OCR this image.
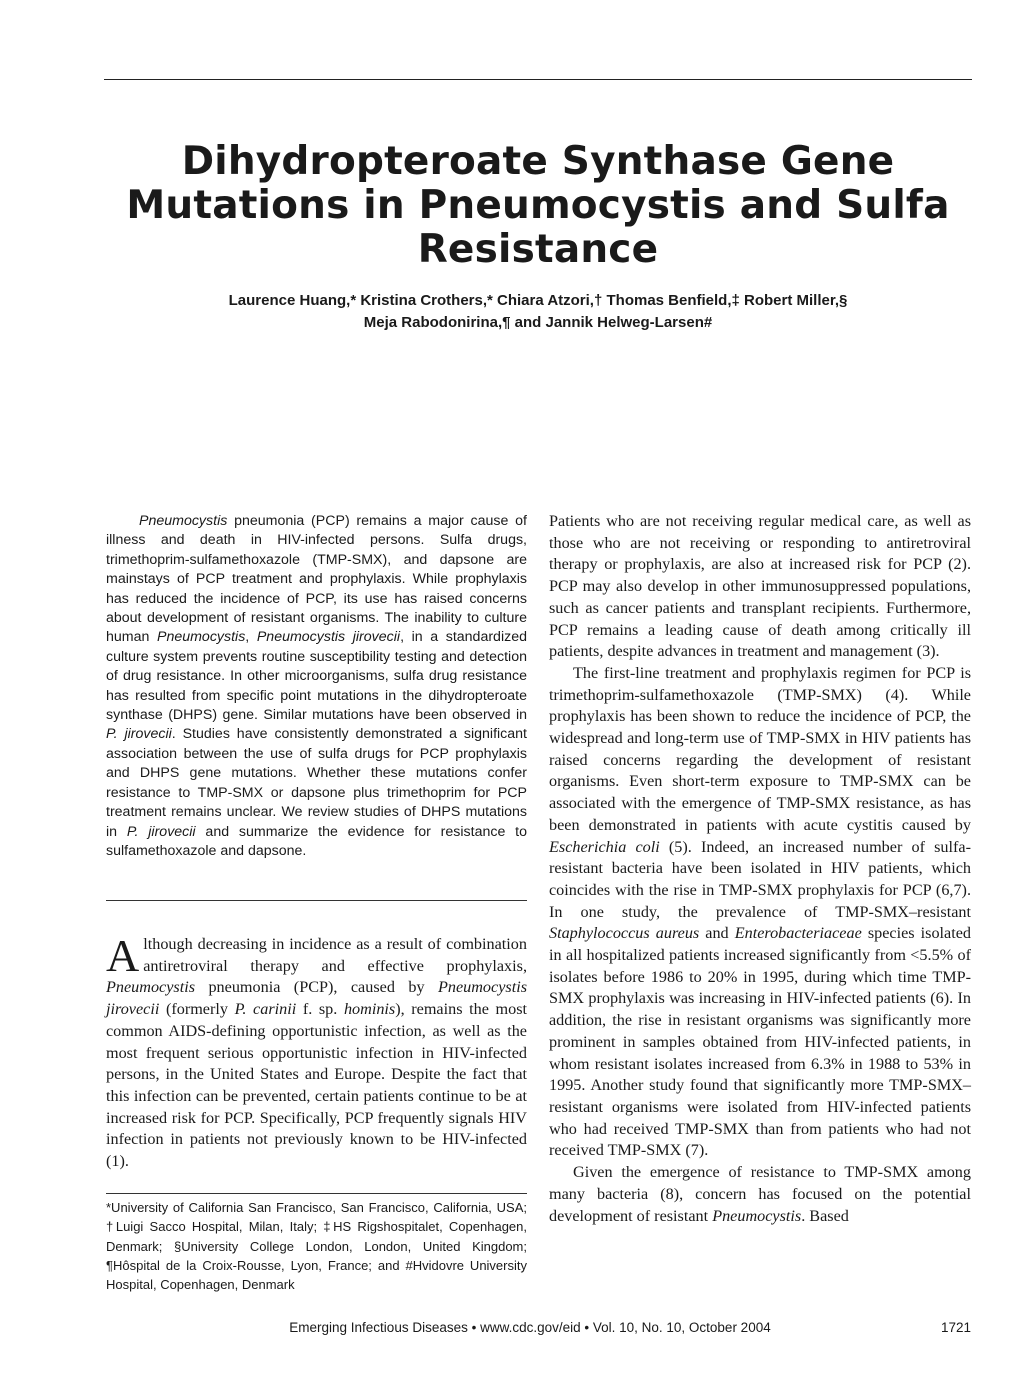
Dihydropteroate Synthase Gene Mutations in Pneumocystis and Sulfa Resistance
Laurence Huang,* Kristina Crothers,* Chiara Atzori,† Thomas Benfield,‡ Robert Miller,§
Meja Rabodonirina,¶ and Jannik Helweg-Larsen#

Pneumocystis pneumonia (PCP) remains a major cause of illness and death in HIV-infected persons. Sulfa drugs, trimethoprim-sulfamethoxazole (TMP-SMX), and dapsone are mainstays of PCP treatment and prophylaxis. While prophylaxis has reduced the incidence of PCP, its use has raised concerns about development of resistant organisms. The inability to culture human Pneumocystis, Pneumocystis jirovecii, in a standardized culture system prevents routine susceptibility testing and detection of drug resistance. In other microorganisms, sulfa drug resistance has resulted from specific point mutations in the dihydropteroate synthase (DHPS) gene. Similar mutations have been observed in P. jirovecii. Studies have consistently demonstrated a significant association between the use of sulfa drugs for PCP prophylaxis and DHPS gene mutations. Whether these mutations confer resistance to TMP-SMX or dapsone plus trimethoprim for PCP treatment remains unclear. We review studies of DHPS mutations in P. jirovecii and summarize the evidence for resistance to sulfamethoxazole and dapsone.

Although decreasing in incidence as a result of combination antiretroviral therapy and effective prophylaxis, Pneumocystis pneumonia (PCP), caused by Pneumocystis jirovecii (formerly P. carinii f. sp. hominis), remains the most common AIDS-defining opportunistic infection, as well as the most frequent serious opportunistic infection in HIV-infected persons, in the United States and Europe. Despite the fact that this infection can be prevented, certain patients continue to be at increased risk for PCP. Specifically, PCP frequently signals HIV infection in patients not previously known to be HIV-infected (1).

*University of California San Francisco, San Francisco, California, USA; †Luigi Sacco Hospital, Milan, Italy; ‡HS Rigshospitalet, Copenhagen, Denmark; §University College London, London, United Kingdom; ¶Hôspital de la Croix-Rousse, Lyon, France; and #Hvidovre University Hospital, Copenhagen, Denmark

Patients who are not receiving regular medical care, as well as those who are not receiving or responding to antiretroviral therapy or prophylaxis, are also at increased risk for PCP (2). PCP may also develop in other immunosuppressed populations, such as cancer patients and transplant recipients. Furthermore, PCP remains a leading cause of death among critically ill patients, despite advances in treatment and management (3).

The first-line treatment and prophylaxis regimen for PCP is trimethoprim-sulfamethoxazole (TMP-SMX) (4). While prophylaxis has been shown to reduce the incidence of PCP, the widespread and long-term use of TMP-SMX in HIV patients has raised concerns regarding the development of resistant organisms. Even short-term exposure to TMP-SMX can be associated with the emergence of TMP-SMX resistance, as has been demonstrated in patients with acute cystitis caused by Escherichia coli (5). Indeed, an increased number of sulfa-resistant bacteria have been isolated in HIV patients, which coincides with the rise in TMP-SMX prophylaxis for PCP (6,7). In one study, the prevalence of TMP-SMX–resistant Staphylococcus aureus and Enterobacteriaceae species isolated in all hospitalized patients increased significantly from <5.5% of isolates before 1986 to 20% in 1995, during which time TMP-SMX prophylaxis was increasing in HIV-infected patients (6). In addition, the rise in resistant organisms was significantly more prominent in samples obtained from HIV-infected patients, in whom resistant isolates increased from 6.3% in 1988 to 53% in 1995. Another study found that significantly more TMP-SMX–resistant organisms were isolated from HIV-infected patients who had received TMP-SMX than from patients who had not received TMP-SMX (7).

Given the emergence of resistance to TMP-SMX among many bacteria (8), concern has focused on the potential development of resistant Pneumocystis. Based

Emerging Infectious Diseases • www.cdc.gov/eid • Vol. 10, No. 10, October 2004	1721
